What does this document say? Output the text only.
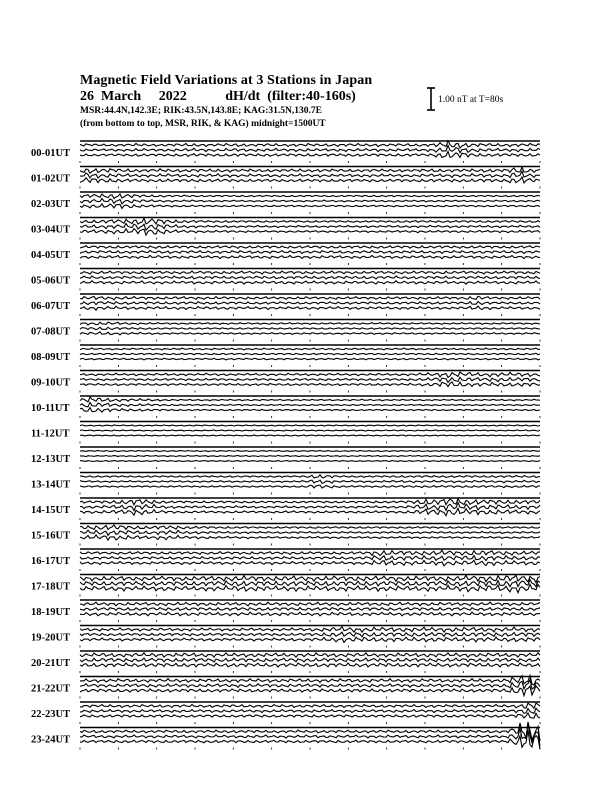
Magnetic Field Variations at 3 Stations in Japan
26 March 2022	dH/dt (filter:40-160s)
MSR:44.4N,142.3E; RIK:43.5N,143.8E; KAG:31.5N,130.7E
(from bottom to top, MSR, RIK, & KAG) midnight=1500UT
00-01UT
01-02UT
02-03UT
03-04UT
04-05UT
05-06UT
06-07UT
07-08UT
08-09UT
09-10UT
10-11UT
11-12UT
12-13UT
13-14UT
14-15UT
15-16UT
16-17UT
17-18UT
18-19UT
19-20UT
20-21UT
21-22UT
22-23UT
23-24UT
1.00 nT at T=80s
